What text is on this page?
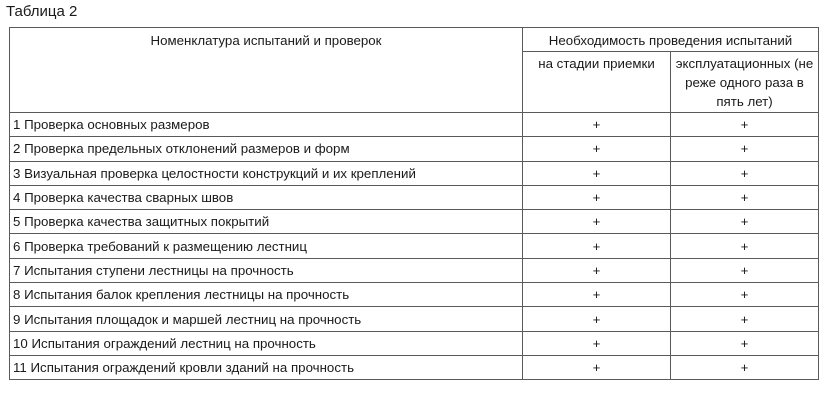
Таблица 2

Номенклатура испытаний и проверок	Необходимость проведения испытаний	
	на стадии приемки	эксплуатационных (не реже одного раза в пять лет)
1 Проверка основных размеров	+	+
2 Проверка предельных отклонений размеров и форм	+	+
3 Визуальная проверка целостности конструкций и их креплений	+	+
4 Проверка качества сварных швов	+	+
5 Проверка качества защитных покрытий	+	+
6 Проверка требований к размещению лестниц	+	+
7 Испытания ступени лестницы на прочность	+	+
8 Испытания балок крепления лестницы на прочность	+	+
9 Испытания площадок и маршей лестниц на прочность	+	+
10 Испытания ограждений лестниц на прочность	+	+
11 Испытания ограждений кровли зданий на прочность	+	+
